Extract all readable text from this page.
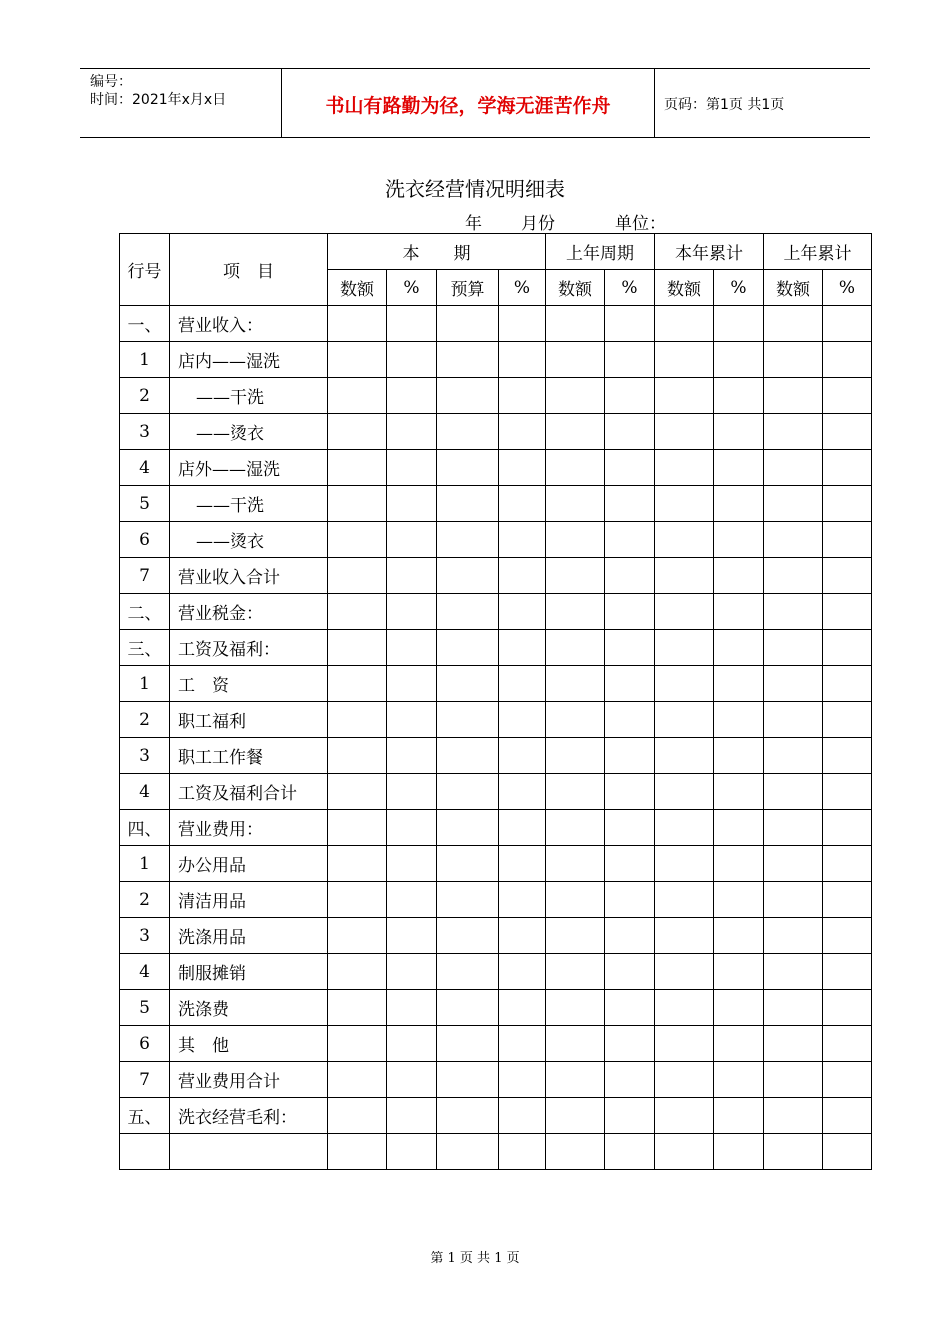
编号：
时间：2021年x月x日	书山有路勤为径，学海无涯苦作舟	页码：第1页 共1页
洗衣经营情况明细表
年 月份	单位：
行号	项　目	本　　期				上年周期		本年累计		上年累计	
		数额	%	预算	%	数额	%	数额	%	数额	%
一、	营业收入：										
1	店内——湿洗										
2	——干洗										
3	——烫衣										
4	店外——湿洗										
5	——干洗										
6	——烫衣										
7	营业收入合计										
二、	营业税金：										
三、	工资及福利：										
1	工　资										
2	职工福利										
3	职工工作餐										
4	工资及福利合计										
四、	营业费用：										
1	办公用品										
2	清洁用品										
3	洗涤用品										
4	制服摊销										
5	洗涤费										
6	其　他										
7	营业费用合计										
五、	洗衣经营毛利：										

第 1 页 共 1 页
